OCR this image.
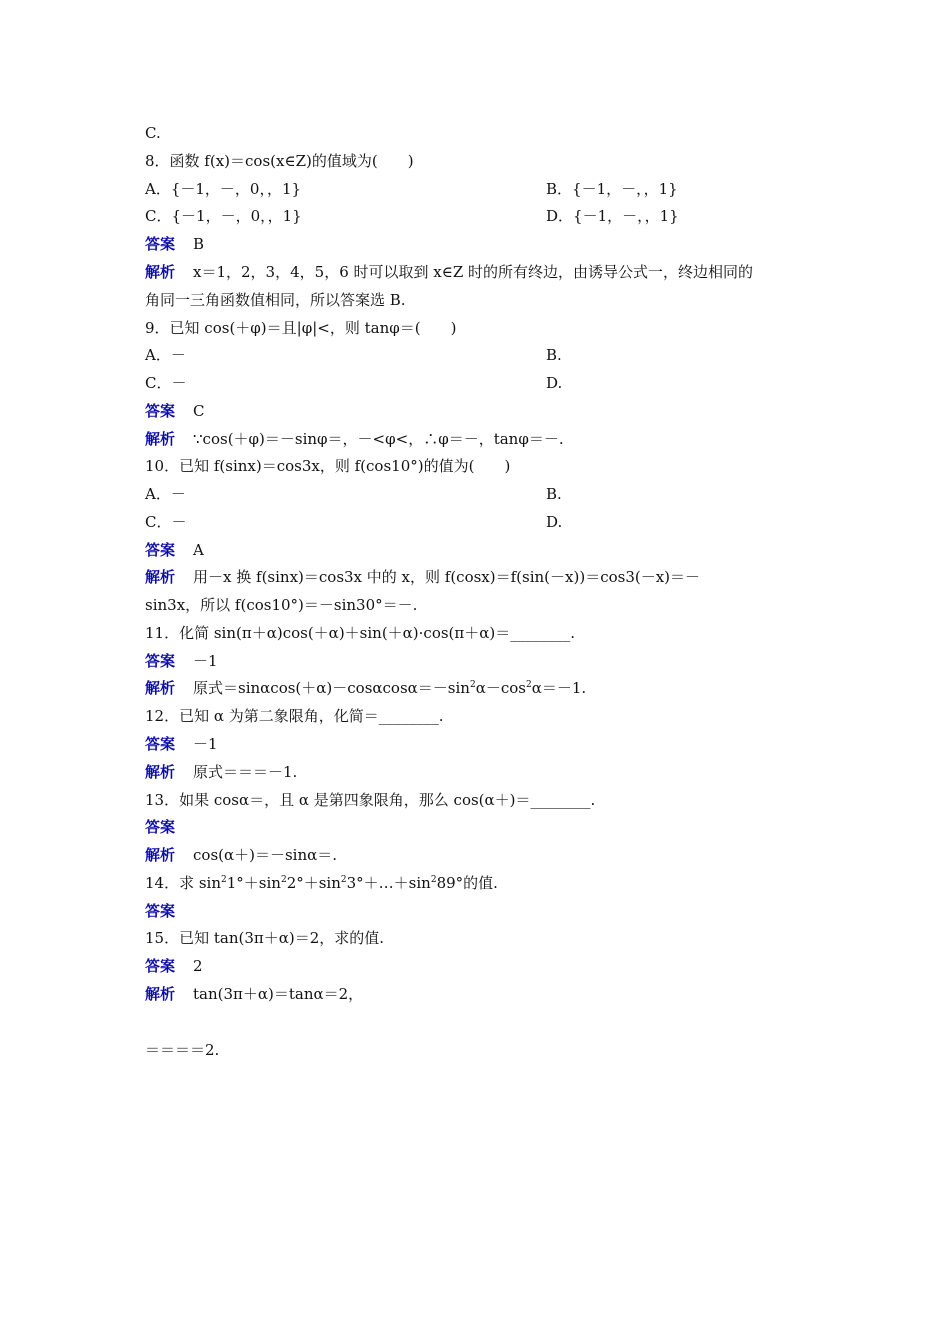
C.
8．函数 f(x)＝cos(x∈Z)的值域为(　　)
A．{－1，－，0，，1}	B．{－1，－，，1}
C．{－1，－，0，，1}	D．{－1，－，，1}
答案 B
解析 x＝1，2，3，4，5，6 时可以取到 x∈Z 时的所有终边，由诱导公式一，终边相同的
角同一三角函数值相同，所以答案选 B.
9．已知 cos(＋φ)＝且|φ|<，则 tanφ＝(　　)
A．－	B.
C．－	D.
答案 C
解析 ∵cos(＋φ)＝－sinφ＝，－<φ<，∴φ＝－，tanφ＝－.
10．已知 f(sinx)＝cos3x，则 f(cos10°)的值为(　　)
A．－	B.
C．－	D.
答案 A
解析 用－x 换 f(sinx)＝cos3x 中的 x，则 f(cosx)＝f(sin(－x))＝cos3(－x)＝－
sin3x，所以 f(cos10°)＝－sin30°＝－.
11．化简 sin(π＋α)cos(＋α)＋sin(＋α)·cos(π＋α)＝________.
答案 －1
解析 原式$=\sin\alpha\cos(+\alpha)-\cos\alpha\cos\alpha=-\sin^2\alpha-\cos^2\alpha=-1$.
12．已知 α 为第二象限角，化简＝________.
答案 －1
解析 原式＝＝＝－1.
13．如果 cosα＝，且 α 是第四象限角，那么 cos(α＋)＝________.
答案
解析 cos(α＋)＝－sinα＝.
14．求 $\sin^21^\circ+\sin^22^\circ+\sin^23^\circ+\dots+\sin^289^\circ$的值.
答案
15．已知 tan(3π＋α)＝2，求的值.
答案 2
解析 tan(3π＋α)＝tanα＝2，
＝＝＝＝2.
